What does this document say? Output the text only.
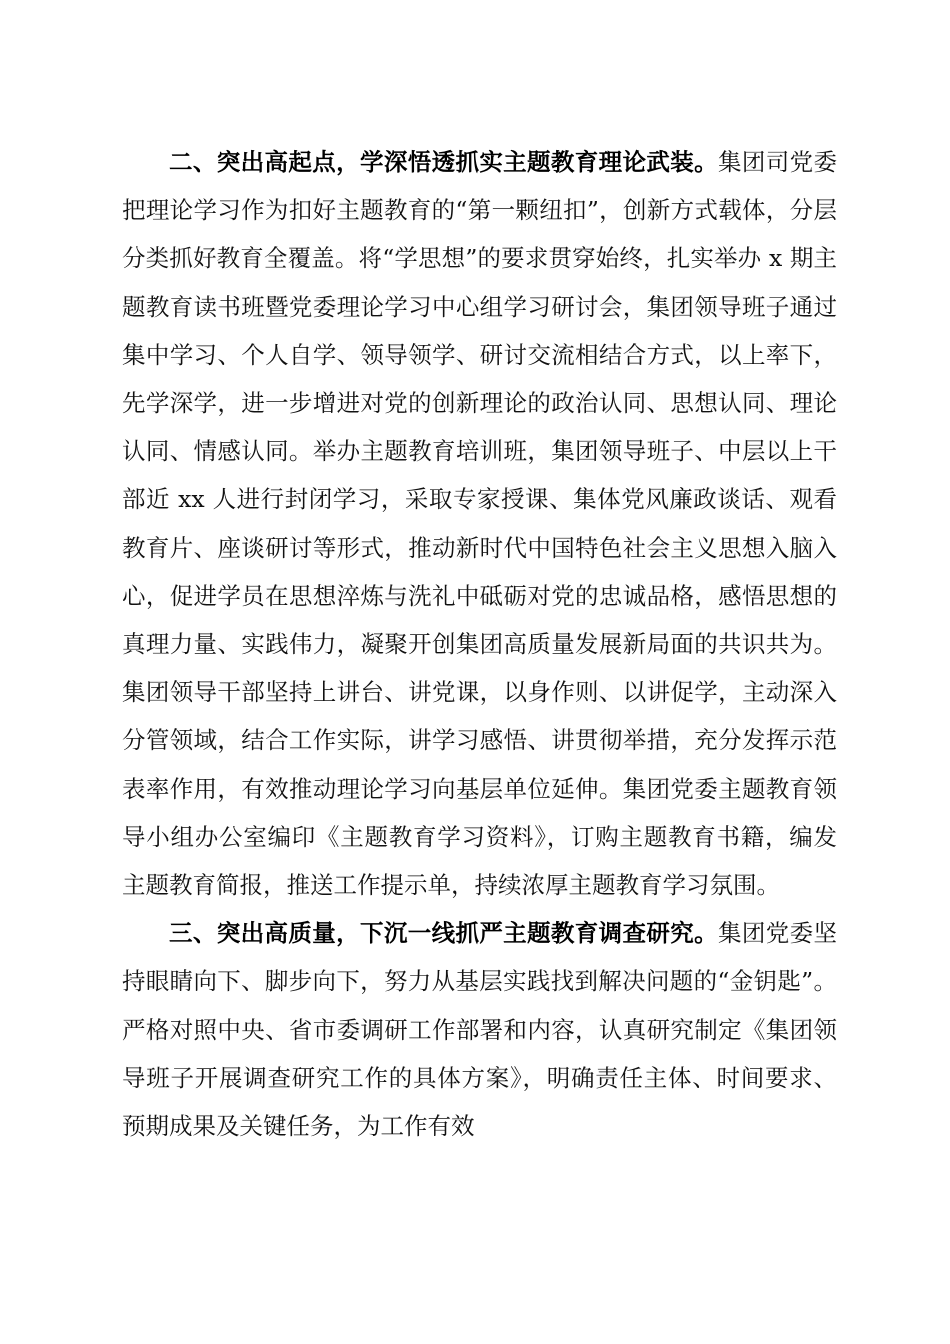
二、突出高起点，学深悟透抓实主题教育理论武装。集团司党委把理论学习作为扣好主题教育的“第一颗纽扣”，创新方式载体，分层分类抓好教育全覆盖。将“学思想”的要求贯穿始终，扎实举办 x 期主题教育读书班暨党委理论学习中心组学习研讨会，集团领导班子通过集中学习、个人自学、领导领学、研讨交流相结合方式，以上率下，先学深学，进一步增进对党的创新理论的政治认同、思想认同、理论认同、情感认同。举办主题教育培训班，集团领导班子、中层以上干部近 xx 人进行封闭学习，采取专家授课、集体党风廉政谈话、观看教育片、座谈研讨等形式，推动新时代中国特色社会主义思想入脑入心，促进学员在思想淬炼与洗礼中砥砺对党的忠诚品格，感悟思想的真理力量、实践伟力，凝聚开创集团高质量发展新局面的共识共为。集团领导干部坚持上讲台、讲党课，以身作则、以讲促学，主动深入分管领域，结合工作实际，讲学习感悟、讲贯彻举措，充分发挥示范表率作用，有效推动理论学习向基层单位延伸。集团党委主题教育领导小组办公室编印《主题教育学习资料》，订购主题教育书籍，编发主题教育简报，推送工作提示单，持续浓厚主题教育学习氛围。

三、突出高质量，下沉一线抓严主题教育调查研究。集团党委坚持眼睛向下、脚步向下，努力从基层实践找到解决问题的“金钥匙”。严格对照中央、省市委调研工作部署和内容，认真研究制定《集团领导班子开展调查研究工作的具体方案》，明确责任主体、时间要求、预期成果及关键任务，为工作有效
